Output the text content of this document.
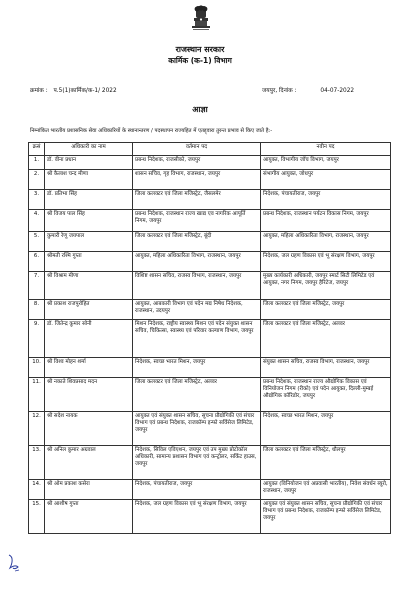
राजस्थान सरकार
कार्मिक (क-1) विभाग
क्रमांक : प.5(1)कार्मिक/क-1/ 2022	जयपुर, दिनांक :	04-07-2022
आज्ञा
निम्नांकित भारतीय प्रशासनिक सेवा अधिकारियों के स्थानान्तरण / पदस्थापन राज्यहित में एतद्द्वारा तुरन्त प्रभाव से किए जाते है:-
क्रसं	अधिकारी का नाम	वर्तमान पद	नवीन पद
1.	डॉ. वीना प्रधान	प्रबन्ध निदेशक, राजसीको, जयपुर	आयुक्त, विभागीय जाँच विभाग, जयपुर
2.	श्री कैलाश चन्द मीणा	शासन सचिव, गृह विभाग, राजस्थान, जयपुर	संभागीय आयुक्त, जोधपुर
3.	डॉ. प्रतिभा सिंह	जिला कलक्टर एवं जिला मजिस्ट्रेट, जैसलमेर	निदेशक, पंचायतीराज, जयपुर
4.	श्री विजय पाल सिंह	प्रबन्ध निदेशक, राजस्थान राज्य खाद्य एव नागरिक आपूर्ति निगम, जयपुर	प्रबन्ध निदेशक, राजस्थान पर्यटन विकास निगम, जयपुर
5.	कुमारी रेणू जयपाल	जिला कलक्टर एवं जिला मजिस्ट्रेट, बूंदी	आयुक्त, महिला अधिकारिता विभाग, राजस्थान, जयपुर
6.	श्रीमती रश्मि गुप्ता	आयुक्त, महिला अधिकारिता विभाग, राजस्थान, जयपुर	निदेशक, जल ग्रहण विकास एवं भू संरक्षण विभाग, जयपुर
7.	श्री विश्राम मीणा	विशिष्ट शासन सचिव, राजस्व विभाग, राजस्थान, जयपुर	मुख्य कार्यकारी अधिकारी, जयपुर स्मार्ट सिटी लिमिटेड एवं आयुक्त, नगर निगम, जयपुर हैरिटेज, जयपुर
8.	श्री प्रकाश राजपुरोहित	आयुक्त, आबकारी विभाग एवं पदेन मद्य निषेध निदेशक, राजस्थान, उदयपुर	जिला कलक्टर एवं जिला मजिस्ट्रेट, जयपुर
9.	डॉ. जितेन्द्र कुमार सोनी	मिशन निदेशक, राष्ट्रीय स्वास्थ्य मिशन एवं पदेन संयुक्त शासन सचिव, चिकित्सा, स्वास्थ्य एवं परिवार कल्याण विभाग, जयपुर	जिला कलक्टर एवं जिला मजिस्ट्रेट, अलवर
10.	श्री विश्व मोहन शर्मा	निदेशक, स्वच्छ भारत मिशन, जयपुर	संयुक्त शासन सचिव, राजस्व विभाग, राजस्थान, जयपुर
11.	श्री नकाते शिवप्रसाद मदन	जिला कलक्टर एवं जिला मजिस्ट्रेट, अलवर	प्रबन्ध निदेशक, राजस्थान राज्य औद्योगिक विकास एवं विनियोजन निगम (रीको) एवं पदेन आयुक्त, दिल्ली-मुम्बई औद्योगिक कॉरिडोर, जयपुर
12.	श्री सदेश नायक	आयुक्त एवं संयुक्त शासन सचिव, सूचना प्रौद्योगिकी एवं संचार विभाग एवं प्रबन्ध निदेशक, राजकॉम्प इन्फो सर्विसेज लिमिटेड, जयपुर	निदेशक, स्वच्छ भारत मिशन, जयपुर
13.	श्री अनिल कुमार अग्रवाल	निदेशक, सिविल एविएशन, जयपुर एवं उप मुख्य प्रोटोकॉल अधिकारी, सामान्य प्रशासन विभाग एवं कन्ट्रोलर, सर्किट हाउस, जयपुर	जिला कलक्टर एवं जिला मजिस्ट्रेट, धौलपुर
14.	श्री ओम प्रकाश कसेरा	निदेशक, पंचायतीराज, जयपुर	आयुक्त (विनियोजन एवं अप्रवासी भारतीय), निवेश संवर्धन ब्यूरो, राजस्थान, जयपुर
15.	श्री आशीष गुप्ता	निदेशक, जल ग्रहण विकास एवं भू संरक्षण विभाग, जयपुर	आयुक्त एवं संयुक्त शासन सचिव, सूचना प्रौद्योगिकी एवं संचार विभाग एवं प्रबन्ध निदेशक, राजकॉम्प इन्फो सर्विसेज लिमिटेड, जयपुर
